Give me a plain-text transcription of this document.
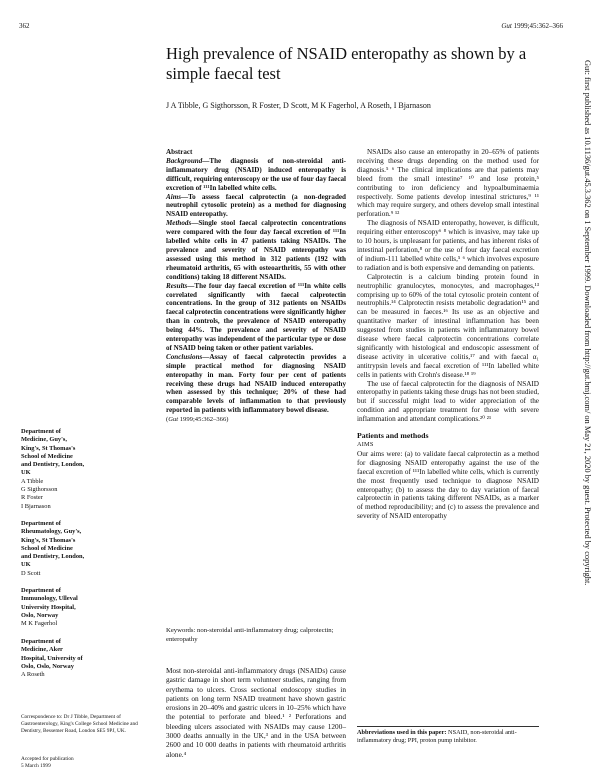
362	Gut 1999;45:362–366
High prevalence of NSAID enteropathy as shown by a simple faecal test
J A Tibble, G Sigthorsson, R Foster, D Scott, M K Fagerhol, A Roseth, I Bjarnason	Gut: first published as 10.1136/gut.45.3.362 on 1 September 1999. Downloaded from http://gut.bmj.com/ on May 21, 2020 by guest. Protected by copyright.
Department of
Medicine, Guy's,
King's, St Thomas's
School of Medicine
and Dentistry, London,
UK
A Tibble
G Sigthorsson
R Foster
I Bjarnason
Department of
Rheumatology, Guy's,
King's, St Thomas's
School of Medicine
and Dentistry, London,
UK
D Scott
Department of
Immunology, Ulleval
University Hospital,
Oslo, Norway
M K Fagerhol
Department of
Medicine, Aker
Hospital, University of
Oslo, Oslo, Norway
A Roseth
Correspondence to: Dr J Tibble, Department of Gastroenterology, King's College School Medicine and Dentistry, Bessemer Road, London SE5 9PJ, UK.
Accepted for publication
5 March 1999

Abstract

Background—The diagnosis of non-steroidal anti-inflammatory drug (NSAID) induced enteropathy is difficult, requiring enteroscopy or the use of four day faecal excretion of ¹¹¹In labelled white cells.

Aims—To assess faecal calprotectin (a non-degraded neutrophil cytosolic protein) as a method for diagnosing NSAID enteropathy.

Methods—Single stool faecal calprotectin concentrations were compared with the four day faecal excretion of ¹¹¹In labelled white cells in 47 patients taking NSAIDs. The prevalence and severity of NSAID enteropathy was assessed using this method in 312 patients (192 with rheumatoid arthritis, 65 with osteoarthritis, 55 with other conditions) taking 18 different NSAIDs.

Results—The four day faecal excretion of ¹¹¹In white cells correlated significantly with faecal calprotectin concentrations. In the group of 312 patients on NSAIDs faecal calprotectin concentrations were significantly higher than in controls, the prevalence of NSAID enteropathy being 44%. The prevalence and severity of NSAID enteropathy was independent of the particular type or dose of NSAID being taken or other patient variables.

Conclusions—Assay of faecal calprotectin provides a simple practical method for diagnosing NSAID enteropathy in man. Forty four per cent of patients receiving these drugs had NSAID induced enteropathy when assessed by this technique; 20% of these had comparable levels of inflammation to that previously reported in patients with inflammatory bowel disease.

(Gut 1999;45:362–366)

Keywords: non-steroidal anti-inflammatory drug; calprotectin; enteropathy
Most non-steroidal anti-inflammatory drugs (NSAIDs) cause gastric damage in short term volunteer studies, ranging from erythema to ulcers. Cross sectional endoscopy studies in patients on long term NSAID treatment have shown gastric erosions in 20–40% and gastric ulcers in 10–25% which have the potential to perforate and bleed.¹ ² Perforations and bleeding ulcers associated with NSAIDs may cause 1200–3000 deaths annually in the UK,³ and in the USA between 2600 and 10 000 deaths in patients with rheumatoid arthritis alone.⁴

NSAIDs also cause an enteropathy in 20–65% of patients receiving these drugs depending on the method used for diagnosis.⁵ ⁶ The clinical implications are that patients may bleed from the small intestine⁷ ¹⁰ and lose protein,⁵ contributing to iron deficiency and hypoalbuminaemia respectively. Some patients develop intestinal strictures,⁹ ¹¹ which may require surgery, and others develop small intestinal perforation.⁹ ¹²

The diagnosis of NSAID enteropathy, however, is difficult, requiring either enteroscopy⁶ ⁸ which is invasive, may take up to 10 hours, is unpleasant for patients, and has inherent risks of intestinal perforation,⁸ or the use of four day faecal excretion of indium-111 labelled white cells,⁵ ⁶ which involves exposure to radiation and is both expensive and demanding on patients.

Calprotectin is a calcium binding protein found in neutrophilic granulocytes, monocytes, and macrophages,¹³ comprising up to 60% of the total cytosolic protein content of neutrophils.¹⁴ Calprotectin resists metabolic degradation¹⁵ and can be measured in faeces.¹⁶ Its use as an objective and quantitative marker of intestinal inflammation has been suggested from studies in patients with inflammatory bowel disease where faecal calprotectin concentrations correlate significantly with histological and endoscopic assessment of disease activity in ulcerative colitis,¹⁷ and with faecal α₁ antitrypsin levels and faecal excretion of ¹¹¹In labelled white cells in patients with Crohn's disease.¹⁸ ¹⁹

The use of faecal calprotectin for the diagnosis of NSAID enteropathy in patients taking these drugs has not been studied, but if successful might lead to wider appreciation of the condition and appropriate treatment for those with severe inflammation and attendant complications.²⁰ ²¹

Patients and methods

AIMS

Our aims were: (a) to validate faecal calprotectin as a method for diagnosing NSAID enteropathy against the use of the faecal excretion of ¹¹¹In labelled white cells, which is currently the most frequently used technique to diagnose NSAID enteropathy; (b) to assess the day to day variation of faecal calprotectin in patients taking different NSAIDs, as a marker of method reproducibility; and (c) to assess the prevalence and severity of NSAID enteropathy

Abbreviations used in this paper: NSAID, non-steroidal anti-inflammatory drug; PPI, proton pump inhibitor.
